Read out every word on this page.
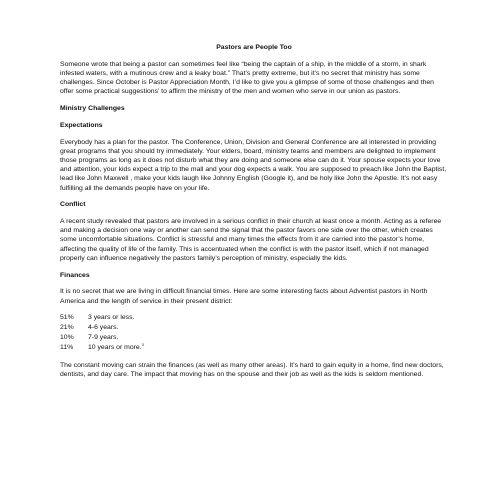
Pastors are People Too

Someone wrote that being a pastor can sometimes feel like “being the captain of a ship, in the middle of a storm, in shark infested waters, with a mutinous crew and a leaky boat.” That’s pretty extreme, but it’s no secret that ministry has some challenges. Since October is Pastor Appreciation Month, I’d like to give you a glimpse of some of those challenges and then offer some practical suggestions’ to affirm the ministry of the men and women who serve in our union as pastors.

Ministry Challenges
Expectations

Everybody has a plan for the pastor. The Conference, Union, Division and General Conference are all interested in providing great programs that you should try immediately. Your elders, board, ministry teams and members are delighted to implement those programs as long as it does not disturb what they are doing and someone else can do it. Your spouse expects your love and attention, your kids expect a trip to the mall and your dog expects a walk. You are supposed to preach like John the Baptist, lead like John Maxwell , make your kids laugh like Johnny English (Google it), and be holy like John the Apostle. It’s not easy fulfilling all the demands people have on your life.

Conflict

A recent study revealed that pastors are involved in a serious conflict in their church at least once a month. Acting as a referee and making a decision one way or another can send the signal that the pastor favors one side over the other, which creates some uncomfortable situations. Conflict is stressful and many times the effects from it are carried into the pastor’s home, affecting the quality of life of the family. This is accentuated when the conflict is with the pastor itself, which if not managed properly can influence negatively the pastors family’s perception of ministry, especially the kids.

Finances

It is no secret that we are living in difficult financial times. Here are some interesting facts about Adventist pastors in North America and the length of service in their present district:

51%	3 years or less.
21%	4-6 years.
10%	7-9 years.
11%	10 years or more.$^3$

The constant moving can strain the finances (as well as many other areas). It’s hard to gain equity in a home, find new doctors, dentists, and day care. The impact that moving has on the spouse and their job as well as the kids is seldom mentioned.
